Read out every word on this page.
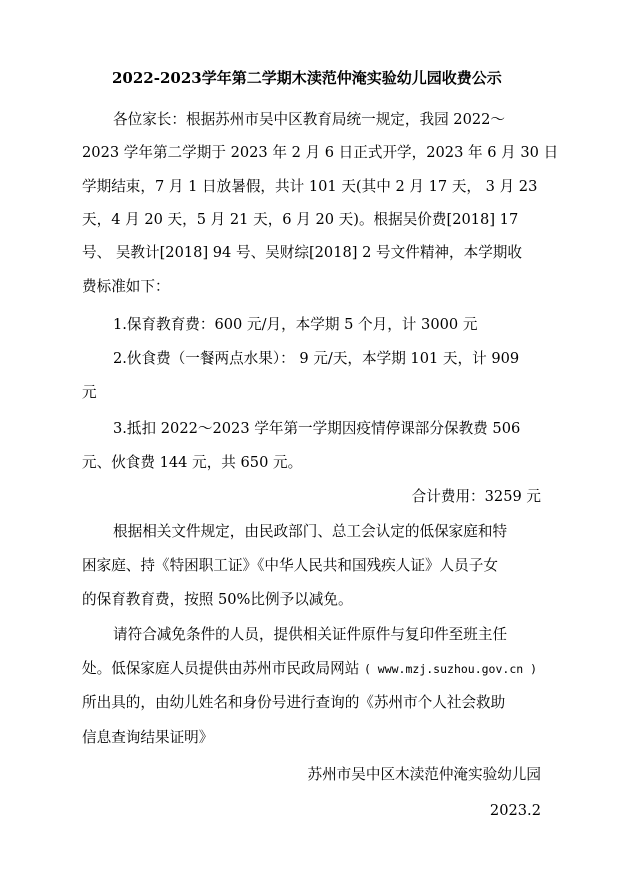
2022-2023学年第二学期木渎范仲淹实验幼儿园收费公示
各位家长：根据苏州市吴中区教育局统一规定，我园 2022～
2023 学年第二学期于 2023 年 2 月 6 日正式开学，2023 年 6 月 30 日
学期结束，7 月 1 日放暑假，共计 101 天(其中 2 月 17 天， 3 月 23
天，4 月 20 天，5 月 21 天，6 月 20 天)。根据吴价费[2018] 17
号、 吴教计[2018] 94 号、吴财综[2018] 2 号文件精神，本学期收
费标准如下：
1.保育教育费：600 元/月，本学期 5 个月，计 3000 元
2.伙食费（一餐两点水果）： 9 元/天，本学期 101 天，计 909
元
3.抵扣 2022～2023 学年第一学期因疫情停课部分保教费 506
元、伙食费 144 元，共 650 元。
合计费用：3259 元
根据相关文件规定，由民政部门、总工会认定的低保家庭和特
困家庭、持《特困职工证》《中华人民共和国残疾人证》人员子女
的保育教育费，按照 50%比例予以减免。
请符合减免条件的人员，提供相关证件原件与复印件至班主任
处。低保家庭人员提供由苏州市民政局网站 ( www.mzj.suzhou.gov.cn )
所出具的，由幼儿姓名和身份号进行查询的《苏州市个人社会救助
信息查询结果证明》
苏州市吴中区木渎范仲淹实验幼儿园
2023.2
